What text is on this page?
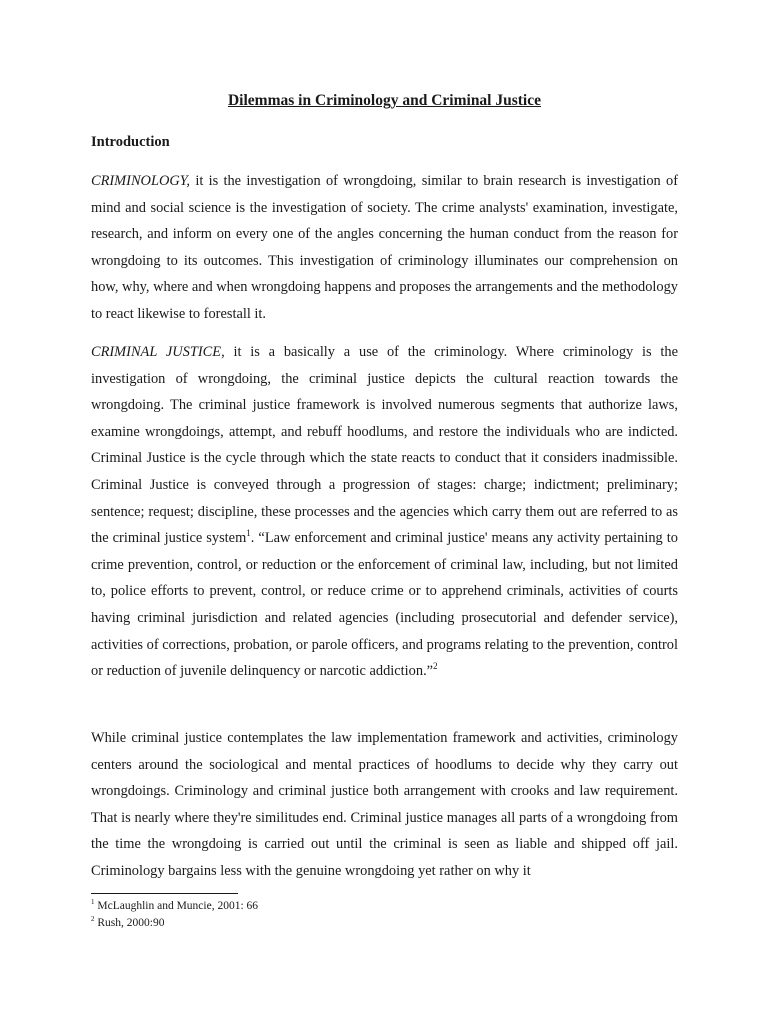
Dilemmas in Criminology and Criminal Justice
Introduction

CRIMINOLOGY, it is the investigation of wrongdoing, similar to brain research is investigation of mind and social science is the investigation of society. The crime analysts' examination, investigate, research, and inform on every one of the angles concerning the human conduct from the reason for wrongdoing to its outcomes. This investigation of criminology illuminates our comprehension on how, why, where and when wrongdoing happens and proposes the arrangements and the methodology to react likewise to forestall it.

CRIMINAL JUSTICE, it is a basically a use of the criminology. Where criminology is the investigation of wrongdoing, the criminal justice depicts the cultural reaction towards the wrongdoing. The criminal justice framework is involved numerous segments that authorize laws, examine wrongdoings, attempt, and rebuff hoodlums, and restore the individuals who are indicted. Criminal Justice is the cycle through which the state reacts to conduct that it considers inadmissible. Criminal Justice is conveyed through a progression of stages: charge; indictment; preliminary; sentence; request; discipline, these processes and the agencies which carry them out are referred to as the criminal justice system$^1$. “Law enforcement and criminal justice' means any activity pertaining to crime prevention, control, or reduction or the enforcement of criminal law, including, but not limited to, police efforts to prevent, control, or reduce crime or to apprehend criminals, activities of courts having criminal jurisdiction and related agencies (including prosecutorial and defender service), activities of corrections, probation, or parole officers, and programs relating to the prevention, control or reduction of juvenile delinquency or narcotic addiction.”$^2$

While criminal justice contemplates the law implementation framework and activities, criminology centers around the sociological and mental practices of hoodlums to decide why they carry out wrongdoings. Criminology and criminal justice both arrangement with crooks and law requirement. That is nearly where they're similitudes end. Criminal justice manages all parts of a wrongdoing from the time the wrongdoing is carried out until the criminal is seen as liable and shipped off jail. Criminology bargains less with the genuine wrongdoing yet rather on why it

$^1$ McLaughlin and Muncie, 2001: 66

$^2$ Rush, 2000:90
